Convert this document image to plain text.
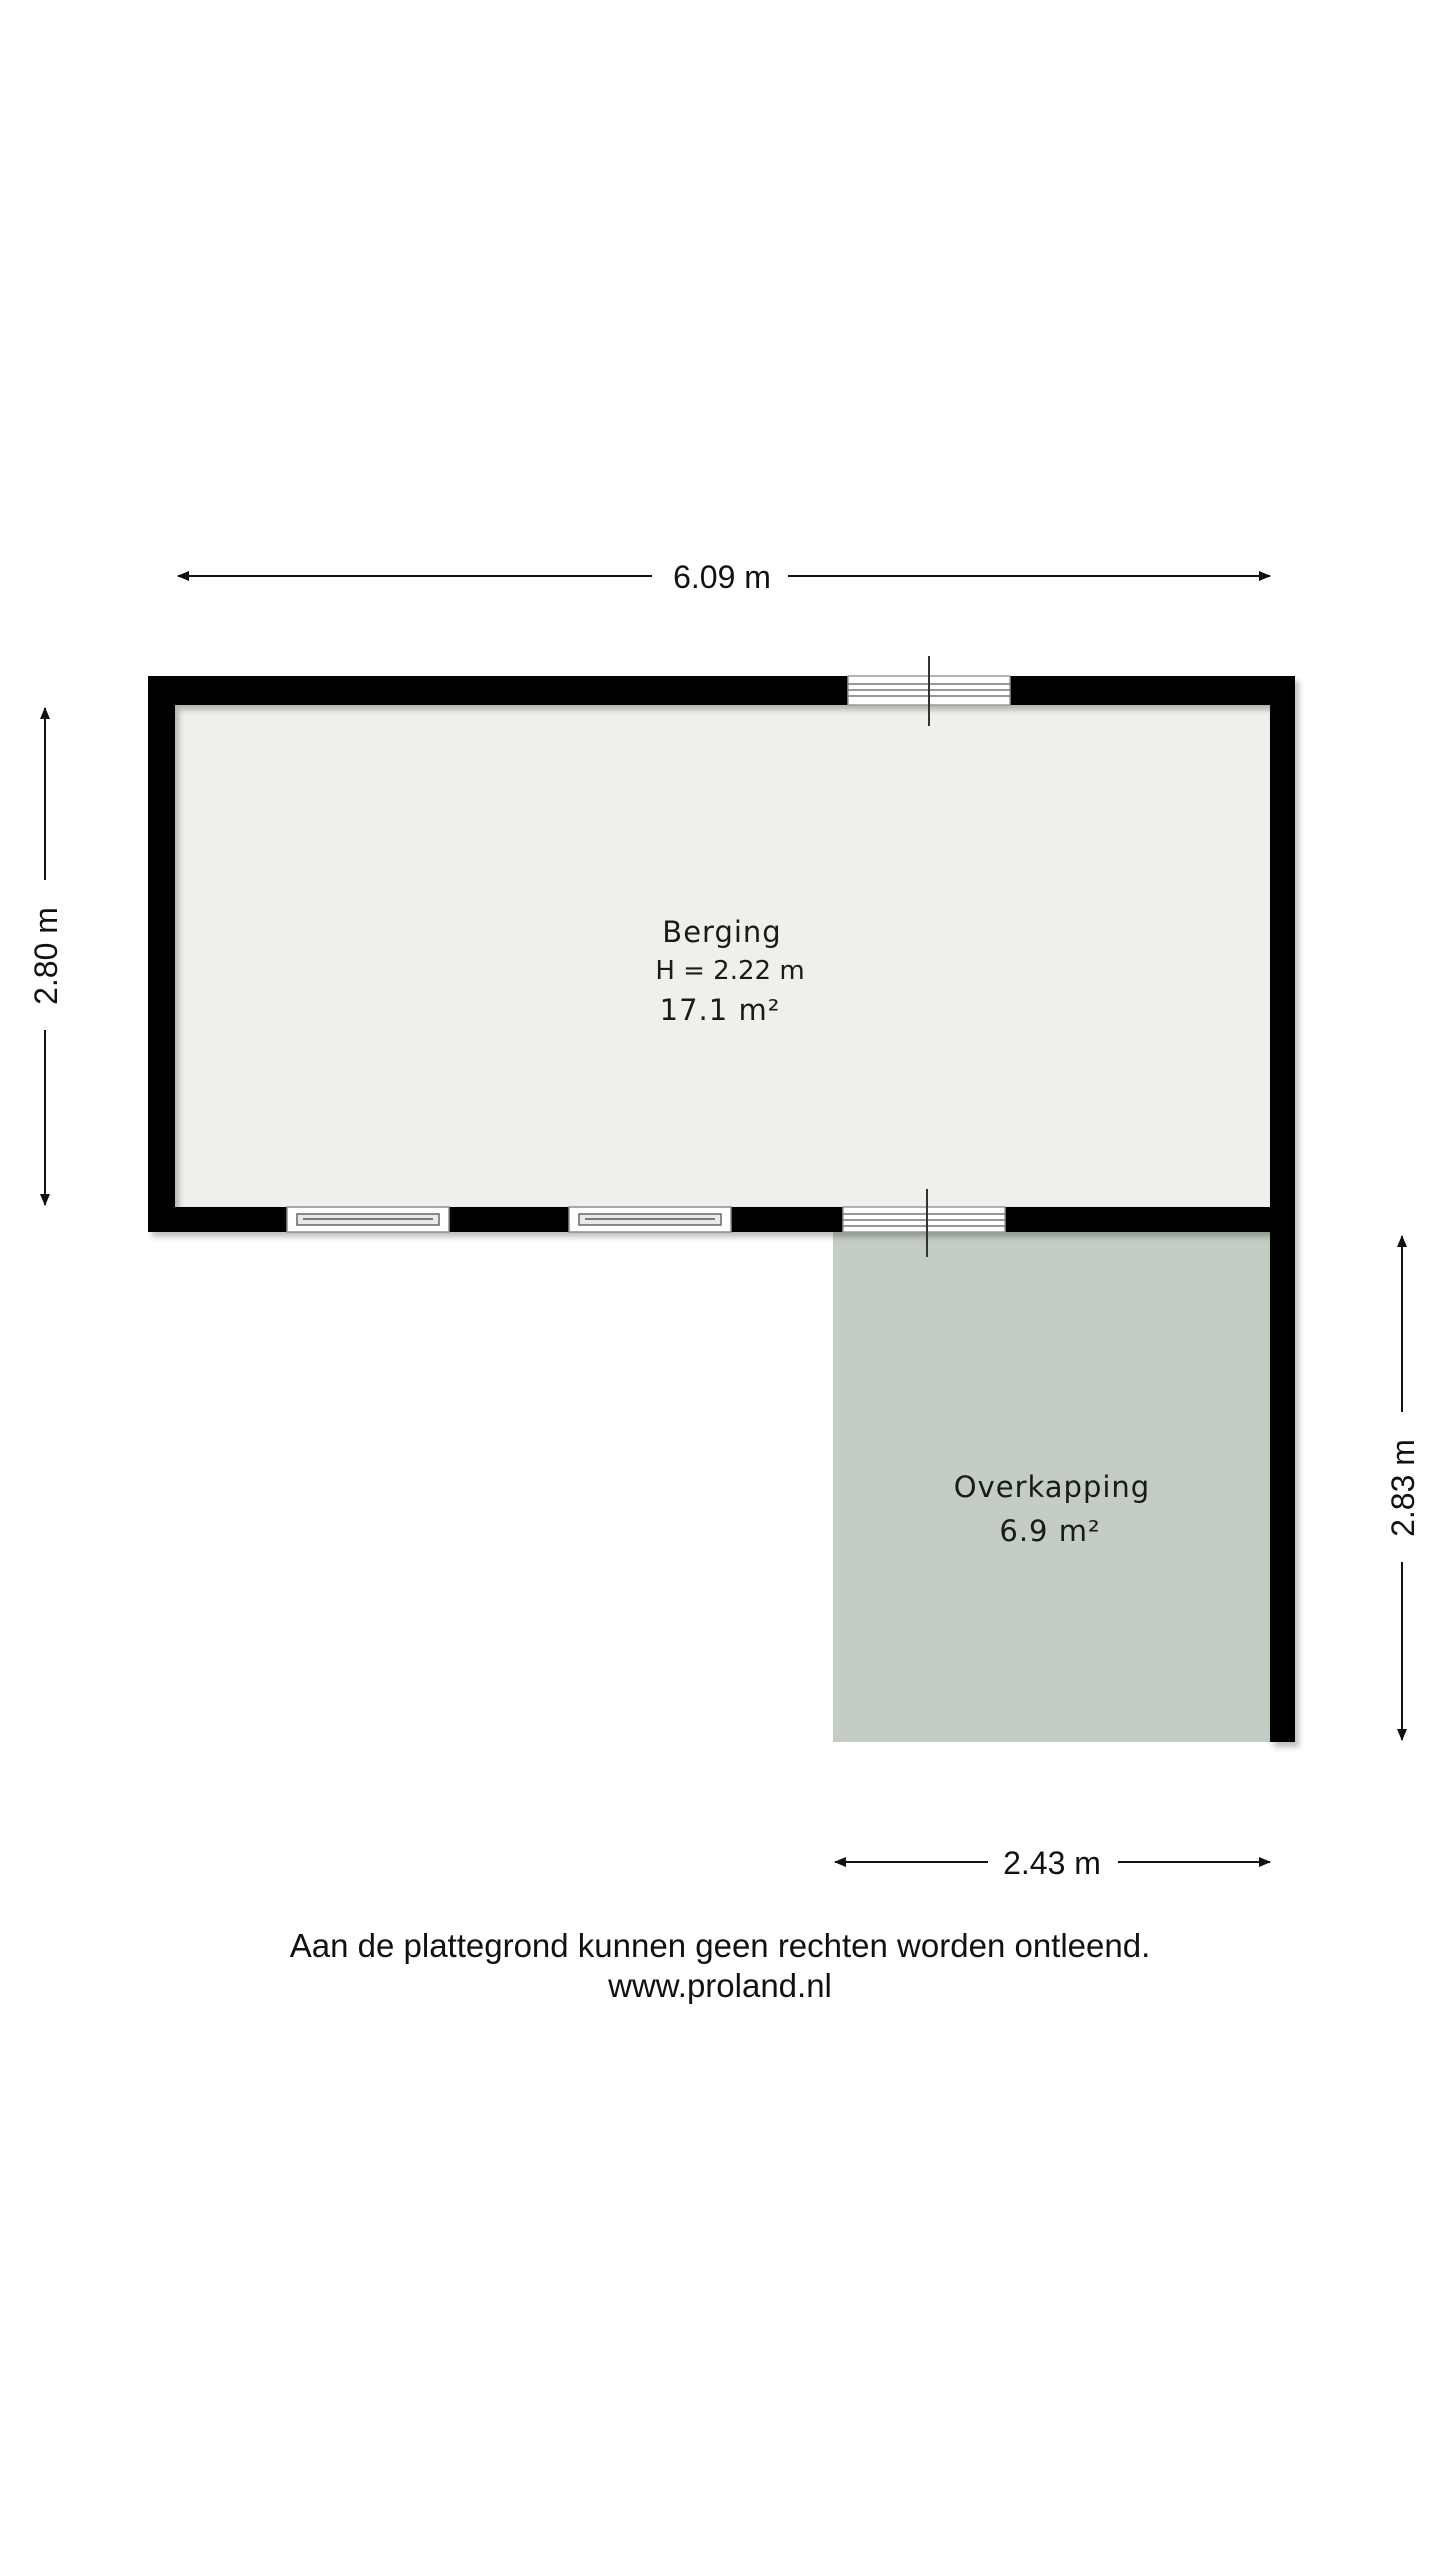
6.09 m
2.80 m
2.83 m
2.43 m
Berging
H = 2.22 m
17.1 m²
Overkapping
6.9 m²
Aan de plattegrond kunnen geen rechten worden ontleend.
www.proland.nl
